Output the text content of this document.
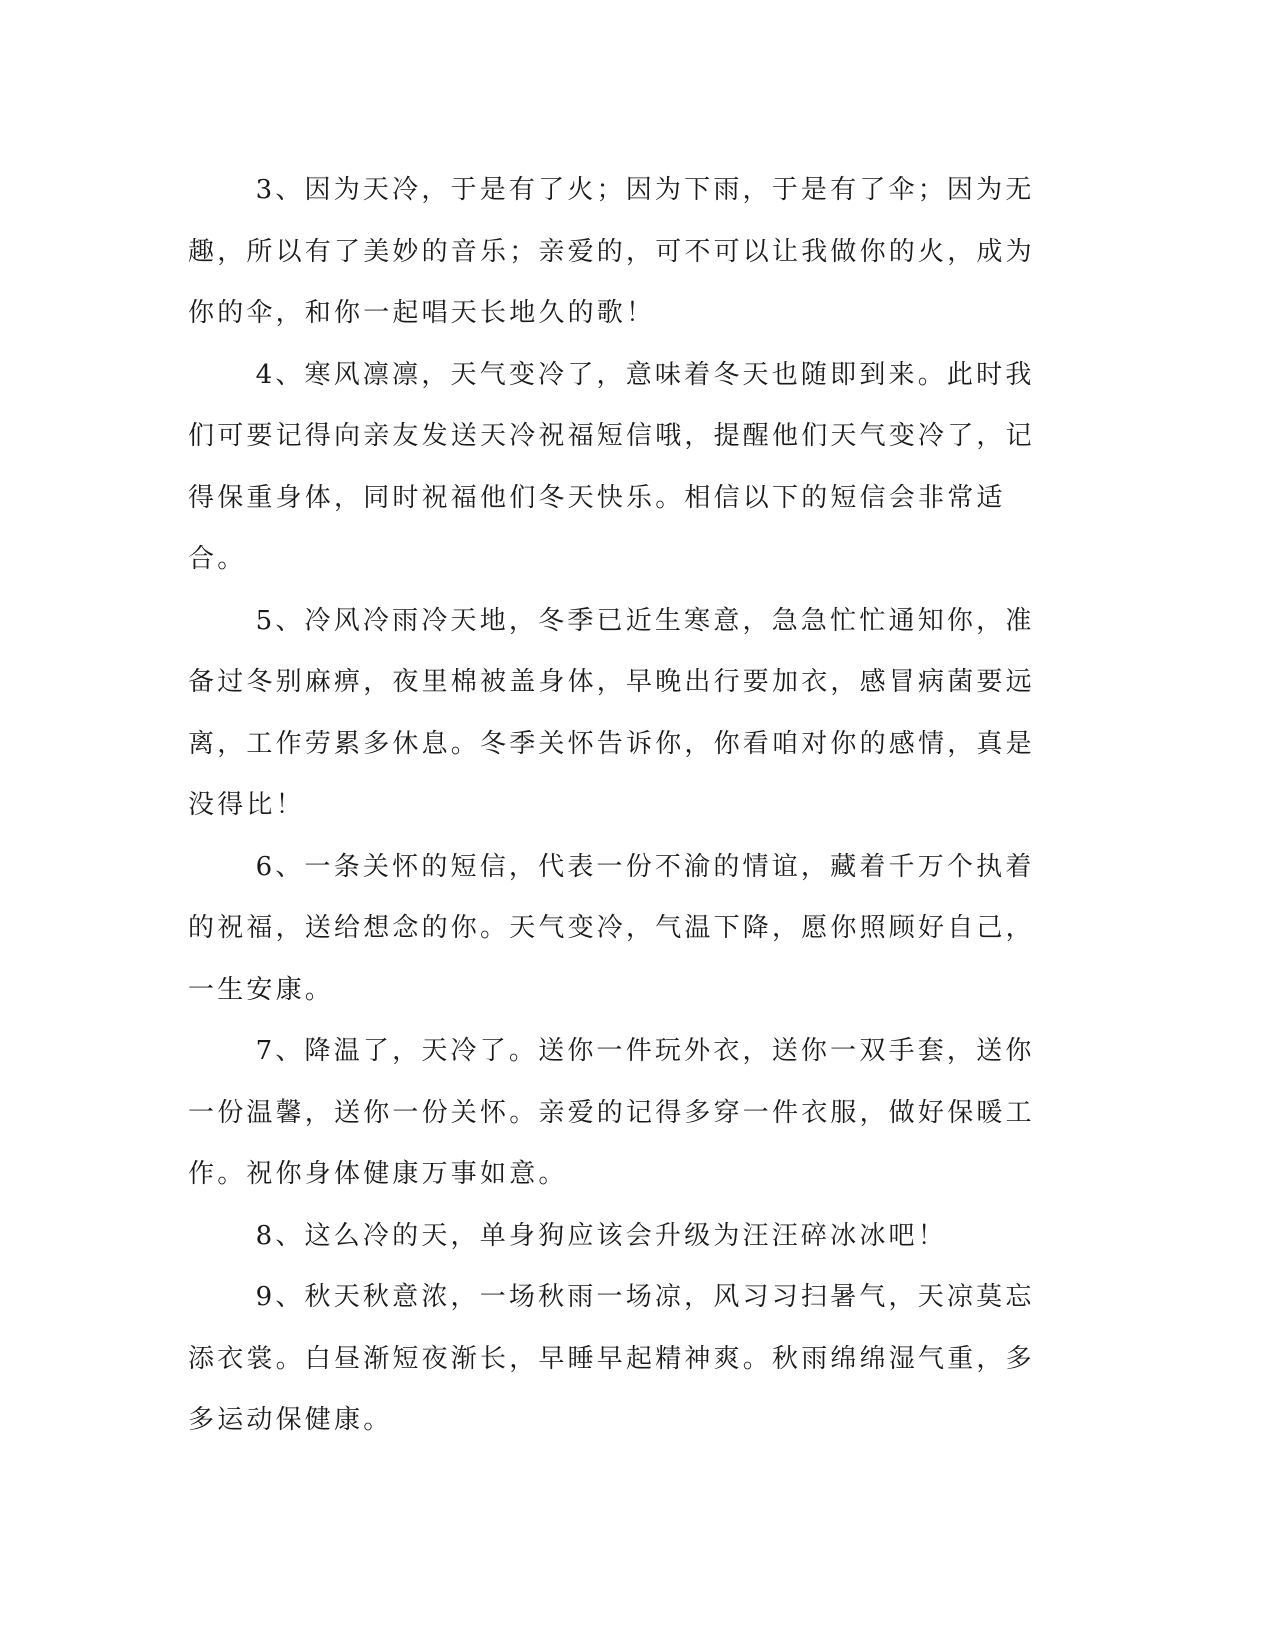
3、因为天冷，于是有了火；因为下雨，于是有了伞；因为无趣，所以有了美妙的音乐；亲爱的，可不可以让我做你的火，成为你的伞，和你一起唱天长地久的歌！

4、寒风凛凛，天气变冷了，意味着冬天也随即到来。此时我们可要记得向亲友发送天冷祝福短信哦，提醒他们天气变冷了，记得保重身体，同时祝福他们冬天快乐。相信以下的短信会非常适合。

5、冷风冷雨冷天地，冬季已近生寒意，急急忙忙通知你，准备过冬别麻痹，夜里棉被盖身体，早晚出行要加衣，感冒病菌要远离，工作劳累多休息。冬季关怀告诉你，你看咱对你的感情，真是没得比！

6、一条关怀的短信，代表一份不渝的情谊，藏着千万个执着的祝福，送给想念的你。天气变冷，气温下降，愿你照顾好自己，一生安康。

7、降温了，天冷了。送你一件玩外衣，送你一双手套，送你一份温馨，送你一份关怀。亲爱的记得多穿一件衣服，做好保暖工作。祝你身体健康万事如意。

8、这么冷的天，单身狗应该会升级为汪汪碎冰冰吧！

9、秋天秋意浓，一场秋雨一场凉，风习习扫暑气，天凉莫忘添衣裳。白昼渐短夜渐长，早睡早起精神爽。秋雨绵绵湿气重，多多运动保健康。
